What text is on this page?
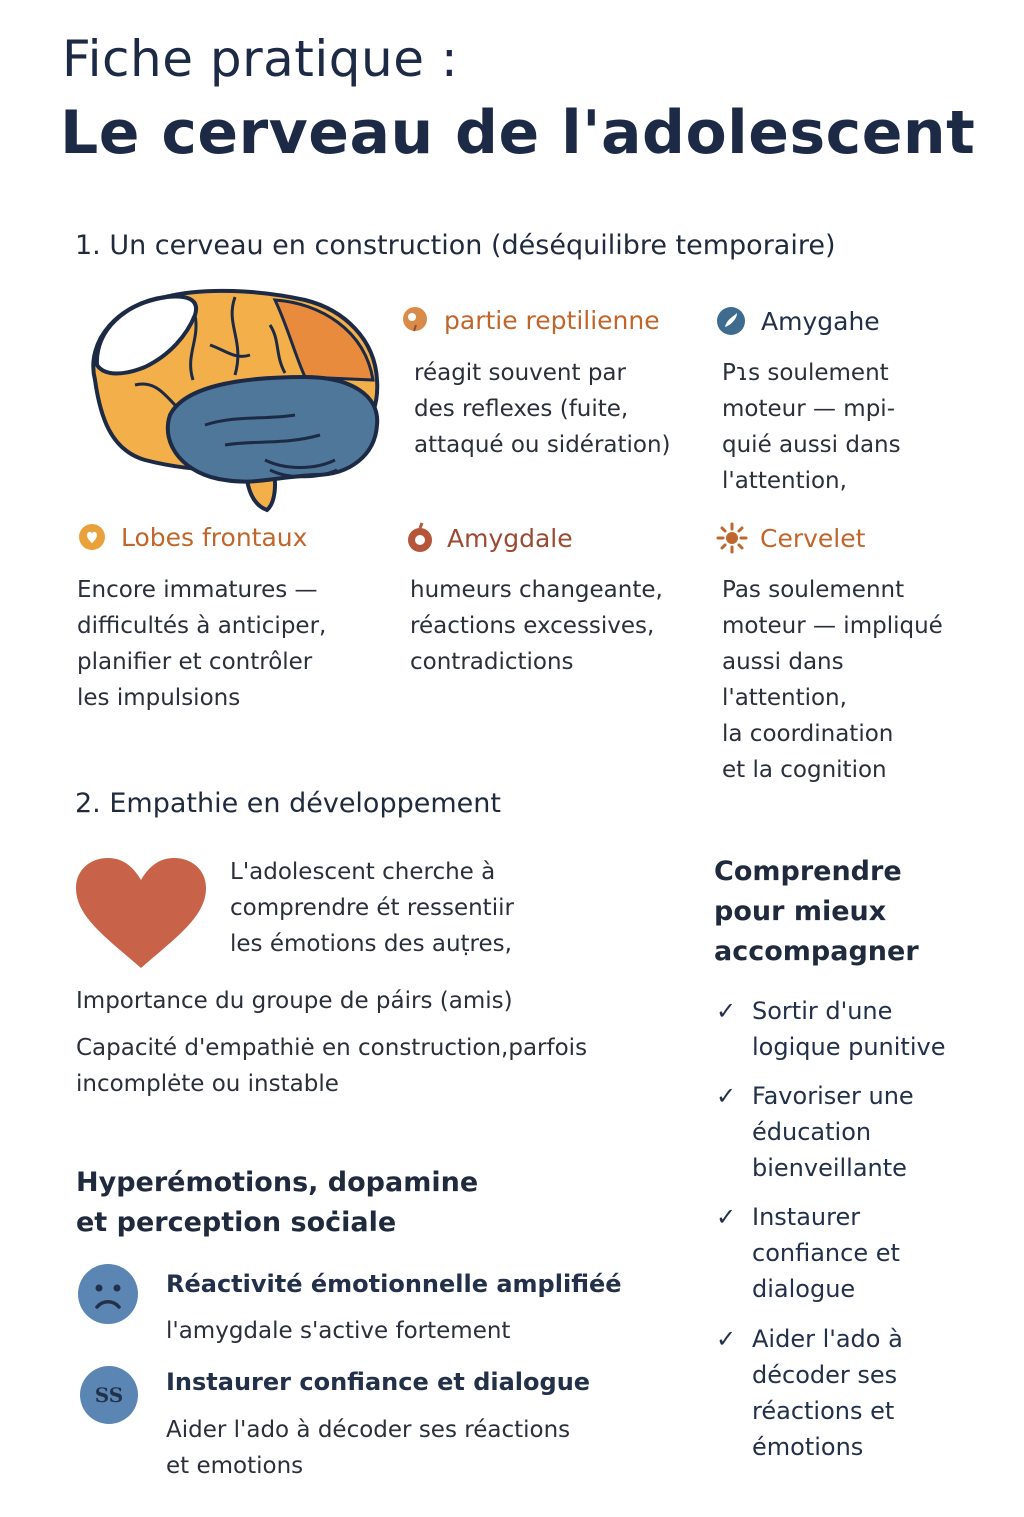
Fiche pratique :
Le cerveau de l'adolescent
1. Un cerveau en construction (déséquilibre temporaire)
partie reptilienne
réagit souvent par
des reflexes (fuite,
attaqué ou sidération)
Amygahe
Pɿs soulement
moteur — mpi-
quié aussi dans
l'attention,
Lobes frontaux
Encore immatures —
difficultés à anticiper,
planifier et contrôler
les impulsions
Amygdale
humeurs changeante,
réactions excessives,
contradictions
Cervelet
Pas soulemennt
moteur — impliqué
aussi dans
l'attention,
la coordination
et la cognition
2. Empathie en développement
L'adolescent cherche à
comprendre ét ressentiir
les émotions des auṭres,
Importance du groupe de páirs (amis)
Capacité d'empathiė en construction,parfois
incomplėte ou instable
Hyperémotions, dopamine
et perception soċiale
Réactivité émotionnelle amplifiéé
l'amygdale s'active fortement
SS Instaurer confiance et dialogue
Aider l'ado à décoder ses réactions
et emotions
Comprendre
pour mieux
accompagner
✓ Sortir d'une
logique punitive
✓ Favoriser une
éducation
bienveillante
✓ Instaurer
confiance et
dialogue
✓ Aider l'ado à
décoder ses
réactions et
émotions
